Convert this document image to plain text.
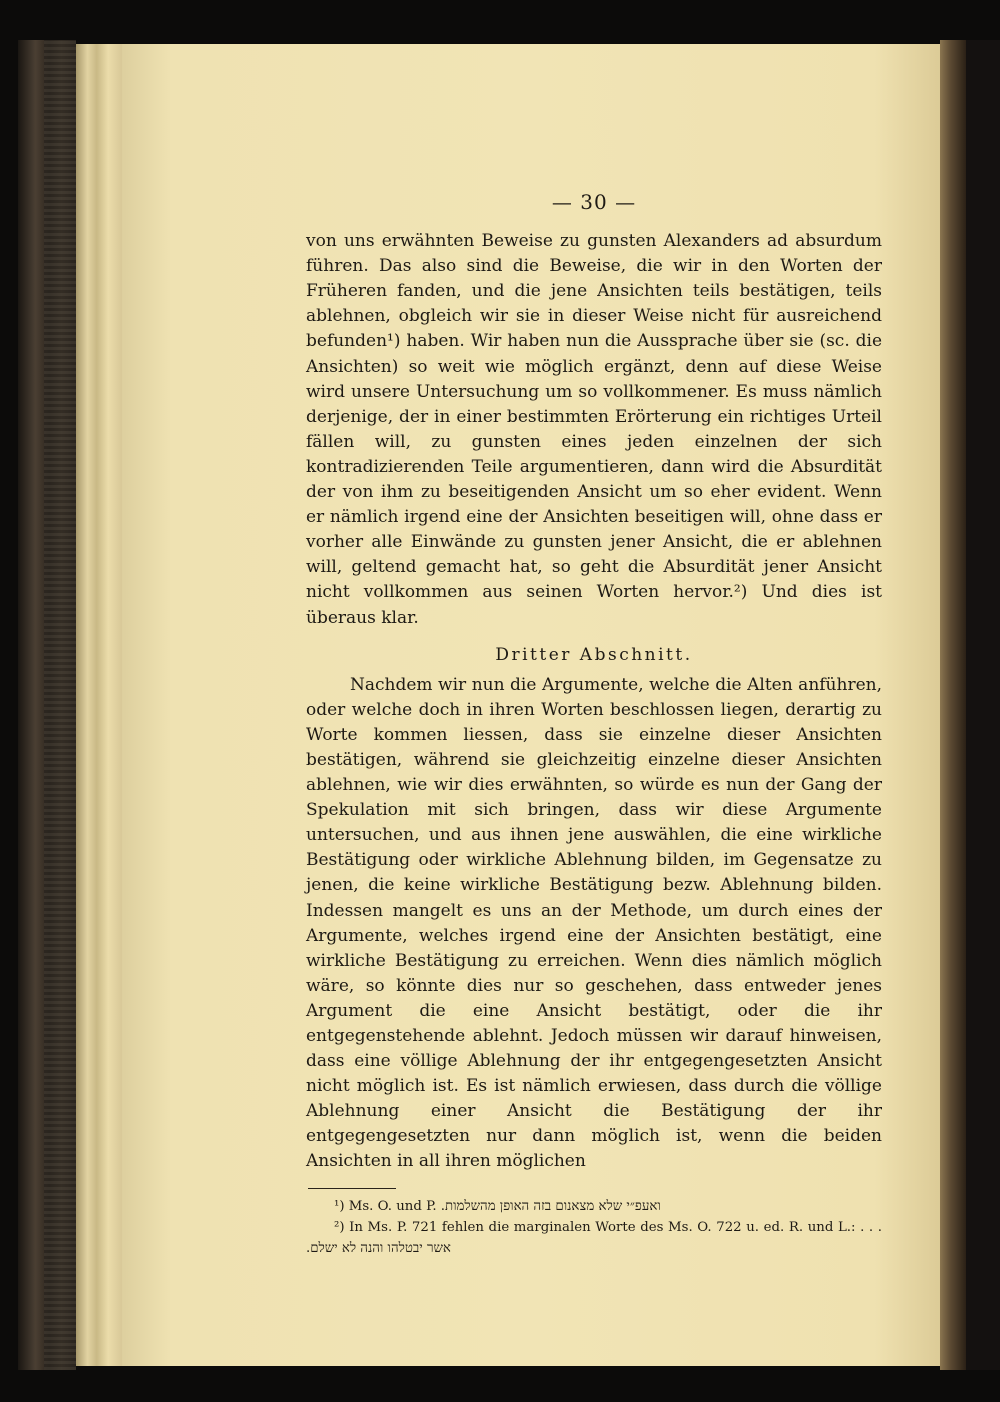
— 30 —

von uns erwähnten Beweise zu gunsten Alexanders ad absurdum führen. Das also sind die Beweise, die wir in den Worten der Früheren fanden, und die jene Ansichten teils bestätigen, teils ablehnen, obgleich wir sie in dieser Weise nicht für ausreichend befunden¹) haben. Wir haben nun die Aussprache über sie (sc. die Ansichten) so weit wie möglich ergänzt, denn auf diese Weise wird unsere Untersuchung um so vollkommener. Es muss nämlich derjenige, der in einer bestimmten Erörterung ein richtiges Urteil fällen will, zu gunsten eines jeden einzelnen der sich kontradizierenden Teile argumentieren, dann wird die Absurdität der von ihm zu beseitigenden Ansicht um so eher evident. Wenn er nämlich irgend eine der Ansichten beseitigen will, ohne dass er vorher alle Einwände zu gunsten jener Ansicht, die er ablehnen will, geltend gemacht hat, so geht die Absurdität jener Ansicht nicht vollkommen aus seinen Worten hervor.²) Und dies ist überaus klar.

Dritter Abschnitt.

Nachdem wir nun die Argumente, welche die Alten anführen, oder welche doch in ihren Worten beschlossen liegen, derartig zu Worte kommen liessen, dass sie einzelne dieser Ansichten bestätigen, während sie gleichzeitig einzelne dieser Ansichten ablehnen, wie wir dies erwähnten, so würde es nun der Gang der Spekulation mit sich bringen, dass wir diese Argumente untersuchen, und aus ihnen jene auswählen, die eine wirkliche Bestätigung oder wirkliche Ablehnung bilden, im Gegensatze zu jenen, die keine wirkliche Bestätigung bezw. Ablehnung bilden. Indessen mangelt es uns an der Methode, um durch eines der Argumente, welches irgend eine der Ansichten bestätigt, eine wirkliche Bestätigung zu erreichen. Wenn dies nämlich möglich wäre, so könnte dies nur so geschehen, dass entweder jenes Argument die eine Ansicht bestätigt, oder die ihr entgegenstehende ablehnt. Jedoch müssen wir darauf hinweisen, dass eine völlige Ablehnung der ihr entgegengesetzten Ansicht nicht möglich ist. Es ist nämlich erwiesen, dass durch die völlige Ablehnung einer Ansicht die Bestätigung der ihr entgegengesetzten nur dann möglich ist, wenn die beiden Ansichten in all ihren möglichen

¹) Ms. O. und P. ואעפ״י שלא מצאנום בזה האופן מהשלמות.

²) In Ms. P. 721 fehlen die marginalen Worte des Ms. O. 722 u. ed. R. und L.: . . . אשר יבטלהו והנה לא ישלם.
